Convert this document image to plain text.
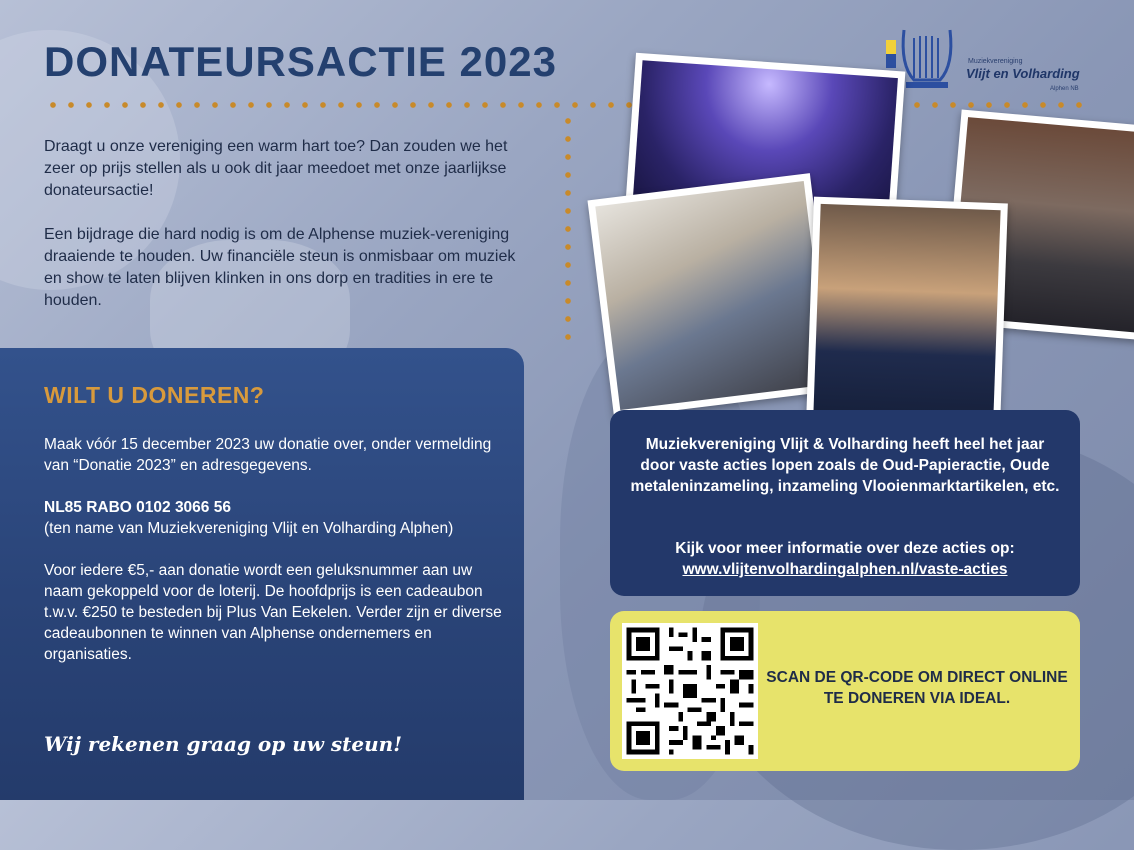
DONATEURSACTIE 2023

Draagt u onze vereniging een warm hart toe? Dan zouden we het zeer op prijs stellen als u ook dit jaar meedoet met onze jaarlijkse donateursactie!

Een bijdrage die hard nodig is om de Alphense muziek-vereniging draaiende te houden. Uw financiële steun is onmisbaar om muziek en show te laten blijven klinken in ons dorp en tradities in ere te houden.

Muziekvereniging
Vlijt en Volharding
Alphen NB
WILT U DONEREN?

Maak vóór 15 december 2023 uw donatie over, onder vermelding van “Donatie 2023” en adresgegevens.

NL85 RABO 0102 3066 56
(ten name van Muziekvereniging Vlijt en Volharding Alphen)

Voor iedere €5,- aan donatie wordt een geluksnummer aan uw naam gekoppeld voor de loterij. De hoofdprijs is een cadeaubon t.w.v. €250 te besteden bij Plus Van Eekelen. Verder zijn er diverse cadeaubonnen te winnen van Alphense ondernemers en organisaties.

Wij rekenen graag op uw steun!

Muziekvereniging Vlijt & Volharding heeft heel het jaar door vaste acties lopen zoals de Oud-Papieractie, Oude metaleninzameling, inzameling Vlooienmarktartikelen, etc.
Kijk voor meer informatie over deze acties op:
www.vlijtenvolhardingalphen.nl/vaste-acties
SCAN DE QR-CODE OM DIRECT ONLINE TE DONEREN VIA IDEAL.
